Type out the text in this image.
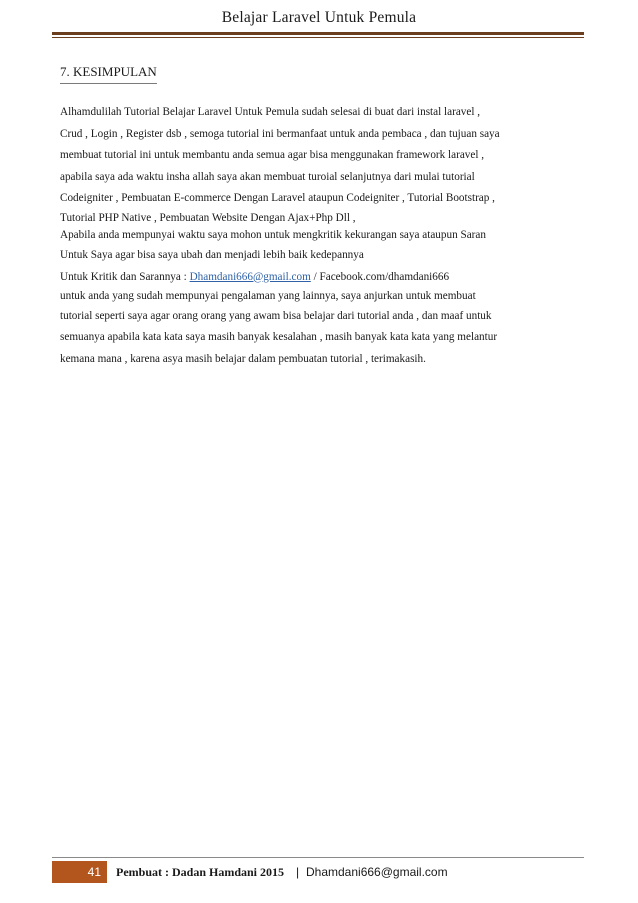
Belajar Laravel Untuk Pemula
7. KESIMPULAN
Alhamdulilah Tutorial Belajar Laravel Untuk Pemula sudah selesai di buat dari instal laravel ,
Crud , Login , Register dsb , semoga tutorial ini bermanfaat untuk anda pembaca , dan tujuan saya
membuat tutorial ini untuk membantu anda semua agar bisa menggunakan framework laravel ,
apabila saya ada waktu insha allah saya akan membuat turoial selanjutnya dari mulai tutorial
Codeigniter , Pembuatan E-commerce Dengan Laravel ataupun Codeigniter , Tutorial Bootstrap ,
Tutorial PHP Native , Pembuatan Website Dengan Ajax+Php Dll ,
Apabila anda mempunyai waktu saya mohon untuk mengkritik kekurangan saya ataupun Saran
Untuk Saya agar bisa saya ubah dan menjadi lebih baik kedepannya
Untuk Kritik dan Sarannya : Dhamdani666@gmail.com / Facebook.com/dhamdani666
untuk anda yang sudah mempunyai pengalaman yang lainnya, saya anjurkan untuk membuat
tutorial seperti saya agar orang orang yang awam bisa belajar dari tutorial anda , dan maaf untuk
semuanya apabila kata kata saya masih banyak kesalahan , masih banyak kata kata yang melantur
kemana mana , karena asya masih belajar dalam pembuatan tutorial , terimakasih.
41	Pembuat : Dadan Hamdani 2015 | Dhamdani666@gmail.com
